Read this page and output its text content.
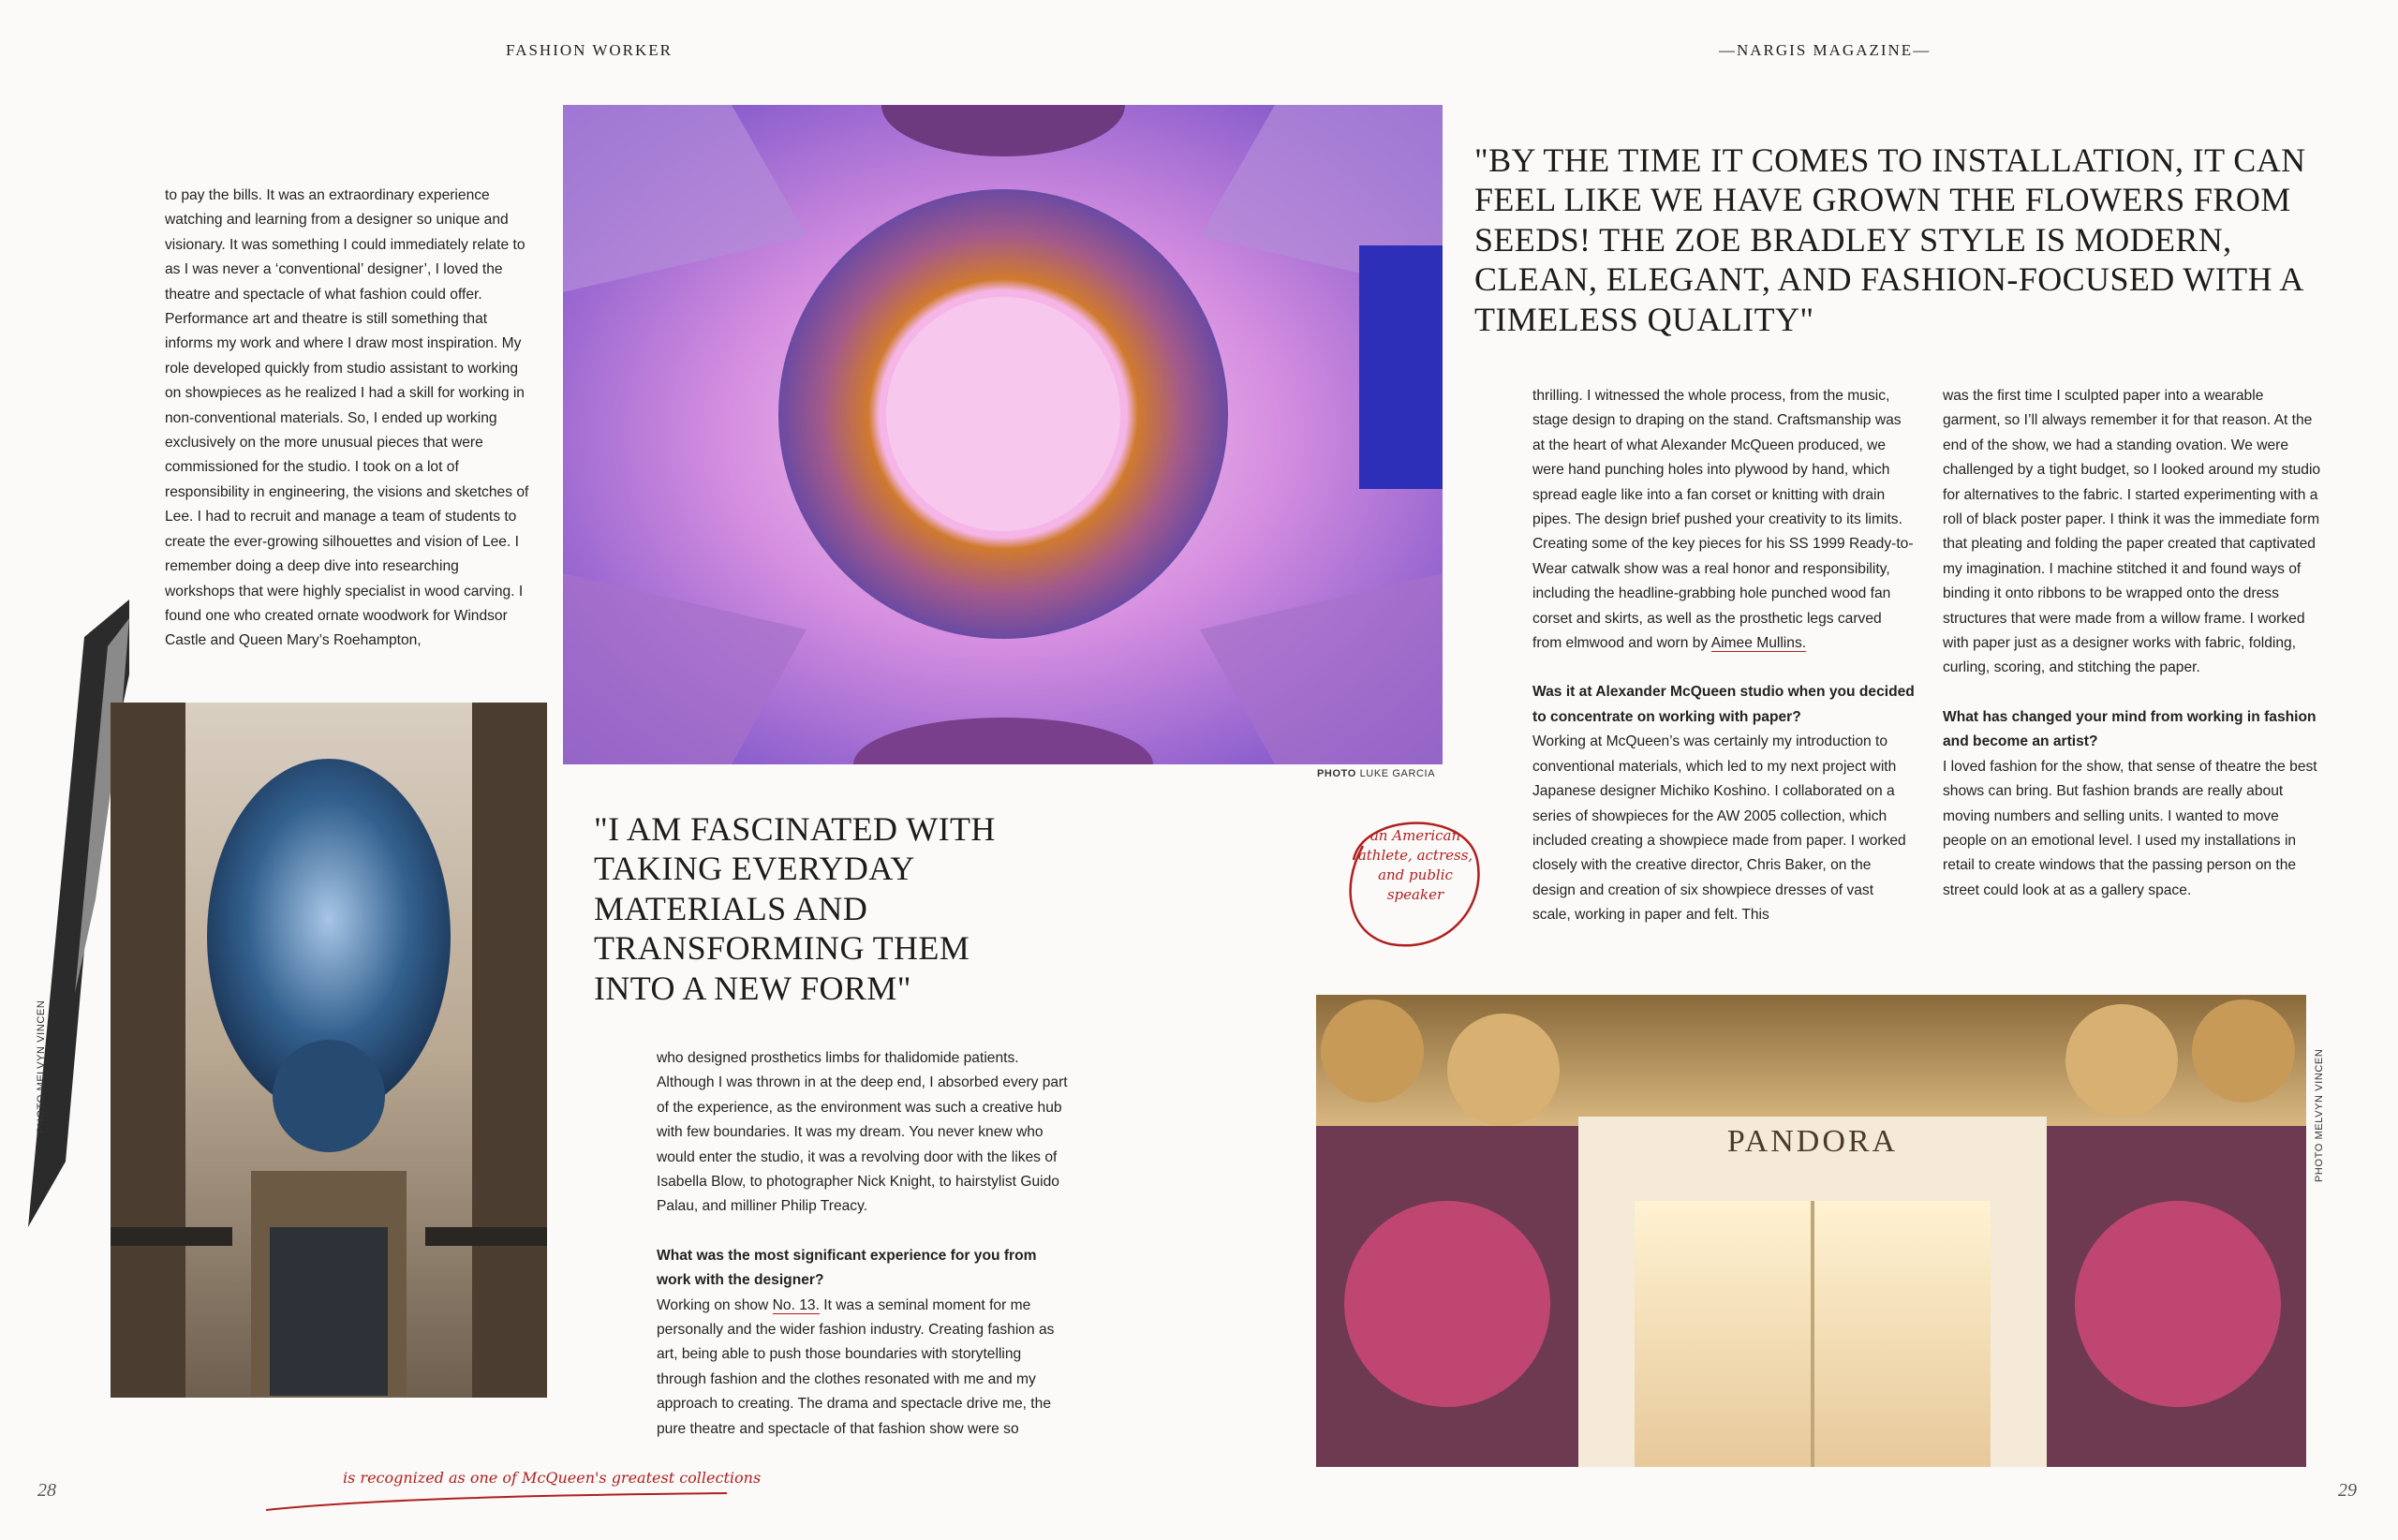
FASHION WORKER	—NARGIS MAGAZINE—

to pay the bills. It was an extraordinary experience watching and learning from a designer so unique and visionary. It was something I could immediately relate to as I was never a ‘conventional’ designer’, I loved the theatre and spectacle of what fashion could offer. Performance art and theatre is still something that informs my work and where I draw most inspiration. My role developed quickly from studio assistant to working on showpieces as he realized I had a skill for working in non-conventional materials. So, I ended up working exclusively on the more unusual pieces that were commissioned for the studio. I took on a lot of responsibility in engineering, the visions and sketches of Lee. I had to recruit and manage a team of students to create the ever-growing silhouettes and vision of Lee. I remember doing a deep dive into researching workshops that were highly specialist in wood carving. I found one who created ornate woodwork for Windsor Castle and Queen Mary’s Roehampton,

PHOTO MELVYN VINCEN
PHOTO LUKE GARCIA
"I AM FASCINATED WITH TAKING EVERYDAY MATERIALS AND TRANSFORMING THEM INTO A NEW FORM"
an American athlete, actress, and public speaker

who designed prosthetics limbs for thalidomide patients. Although I was thrown in at the deep end, I absorbed every part of the experience, as the environment was such a creative hub with few boundaries. It was my dream. You never knew who would enter the studio, it was a revolving door with the likes of Isabella Blow, to photographer Nick Knight, to hairstylist Guido Palau, and milliner Philip Treacy.

What was the most significant experience for you from work with the designer?

Working on show No. 13. It was a seminal moment for me personally and the wider fashion industry. Creating fashion as art, being able to push those boundaries with storytelling through fashion and the clothes resonated with me and my approach to creating. The drama and spectacle drive me, the pure theatre and spectacle of that fashion show were so

"BY THE TIME IT COMES TO INSTALLATION, IT CAN FEEL LIKE WE HAVE GROWN THE FLOWERS FROM SEEDS! THE ZOE BRADLEY STYLE IS MODERN, CLEAN, ELEGANT, AND FASHION-FOCUSED WITH A TIMELESS QUALITY"

thrilling. I witnessed the whole process, from the music, stage design to draping on the stand. Craftsmanship was at the heart of what Alexander McQueen produced, we were hand punching holes into plywood by hand, which spread eagle like into a fan corset or knitting with drain pipes. The design brief pushed your creativity to its limits. Creating some of the key pieces for his SS 1999 Ready-to-Wear catwalk show was a real honor and responsibility, including the headline-grabbing hole punched wood fan corset and skirts, as well as the prosthetic legs carved from elmwood and worn by Aimee Mullins.

Was it at Alexander McQueen studio when you decided to concentrate on working with paper?

Working at McQueen’s was certainly my introduction to conventional materials, which led to my next project with Japanese designer Michiko Koshino. I collaborated on a series of showpieces for the AW 2005 collection, which included creating a showpiece made from paper. I worked closely with the creative director, Chris Baker, on the design and creation of six showpiece dresses of vast scale, working in paper and felt. This

was the first time I sculpted paper into a wearable garment, so I’ll always remember it for that reason. At the end of the show, we had a standing ovation. We were challenged by a tight budget, so I looked around my studio for alternatives to the fabric. I started experimenting with a roll of black poster paper. I think it was the immediate form that pleating and folding the paper created that captivated my imagination. I machine stitched it and found ways of binding it onto ribbons to be wrapped onto the dress structures that were made from a willow frame. I worked with paper just as a designer works with fabric, folding, curling, scoring, and stitching the paper.

What has changed your mind from working in fashion and become an artist?

I loved fashion for the show, that sense of theatre the best shows can bring. But fashion brands are really about moving numbers and selling units. I wanted to move people on an emotional level. I used my installations in retail to create windows that the passing person on the street could look at as a gallery space.

PANDORA	PHOTO MELVYN VINCEN
is recognized as one of McQueen's greatest collections
28	29
